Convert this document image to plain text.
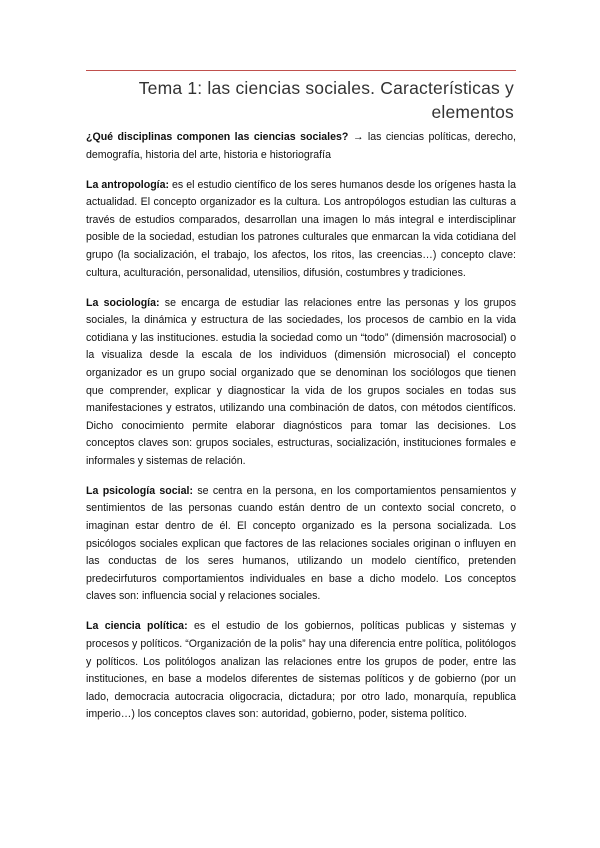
Tema 1: las ciencias sociales. Características y elementos

¿Qué disciplinas componen las ciencias sociales? → las ciencias políticas, derecho, demografía, historia del arte, historia e historiografía

La antropología: es el estudio científico de los seres humanos desde los orígenes hasta la actualidad. El concepto organizador es la cultura. Los antropólogos estudian las culturas a través de estudios comparados, desarrollan una imagen lo más integral e interdisciplinar posible de la sociedad, estudian los patrones culturales que enmarcan la vida cotidiana del grupo (la socialización, el trabajo, los afectos, los ritos, las creencias…) concepto clave: cultura, aculturación, personalidad, utensilios, difusión, costumbres y tradiciones.

La sociología: se encarga de estudiar las relaciones entre las personas y los grupos sociales, la dinámica y estructura de las sociedades, los procesos de cambio en la vida cotidiana y las instituciones. estudia la sociedad como un “todo” (dimensión macrosocial) o la visualiza desde la escala de los individuos (dimensión microsocial) el concepto organizador es un grupo social organizado que se denominan los sociólogos que tienen que comprender, explicar y diagnosticar la vida de los grupos sociales en todas sus manifestaciones y estratos, utilizando una combinación de datos, con métodos científicos. Dicho conocimiento permite elaborar diagnósticos para tomar las decisiones. Los conceptos claves son: grupos sociales, estructuras, socialización, instituciones formales e informales y sistemas de relación.

La psicología social: se centra en la persona, en los comportamientos pensamientos y sentimientos de las personas cuando están dentro de un contexto social concreto, o imaginan estar dentro de él. El concepto organizado es la persona socializada. Los psicólogos sociales explican que factores de las relaciones sociales originan o influyen en las conductas de los seres humanos, utilizando un modelo científico, pretenden predecirfuturos comportamientos individuales en base a dicho modelo. Los conceptos claves son: influencia social y relaciones sociales.

La ciencia política: es el estudio de los gobiernos, políticas publicas y sistemas y procesos y políticos. “Organización de la polis” hay una diferencia entre política, politólogos y políticos. Los politólogos analizan las relaciones entre los grupos de poder, entre las instituciones, en base a modelos diferentes de sistemas políticos y de gobierno (por un lado, democracia autocracia oligocracia, dictadura; por otro lado, monarquía, republica imperio…) los conceptos claves son: autoridad, gobierno, poder, sistema político.
